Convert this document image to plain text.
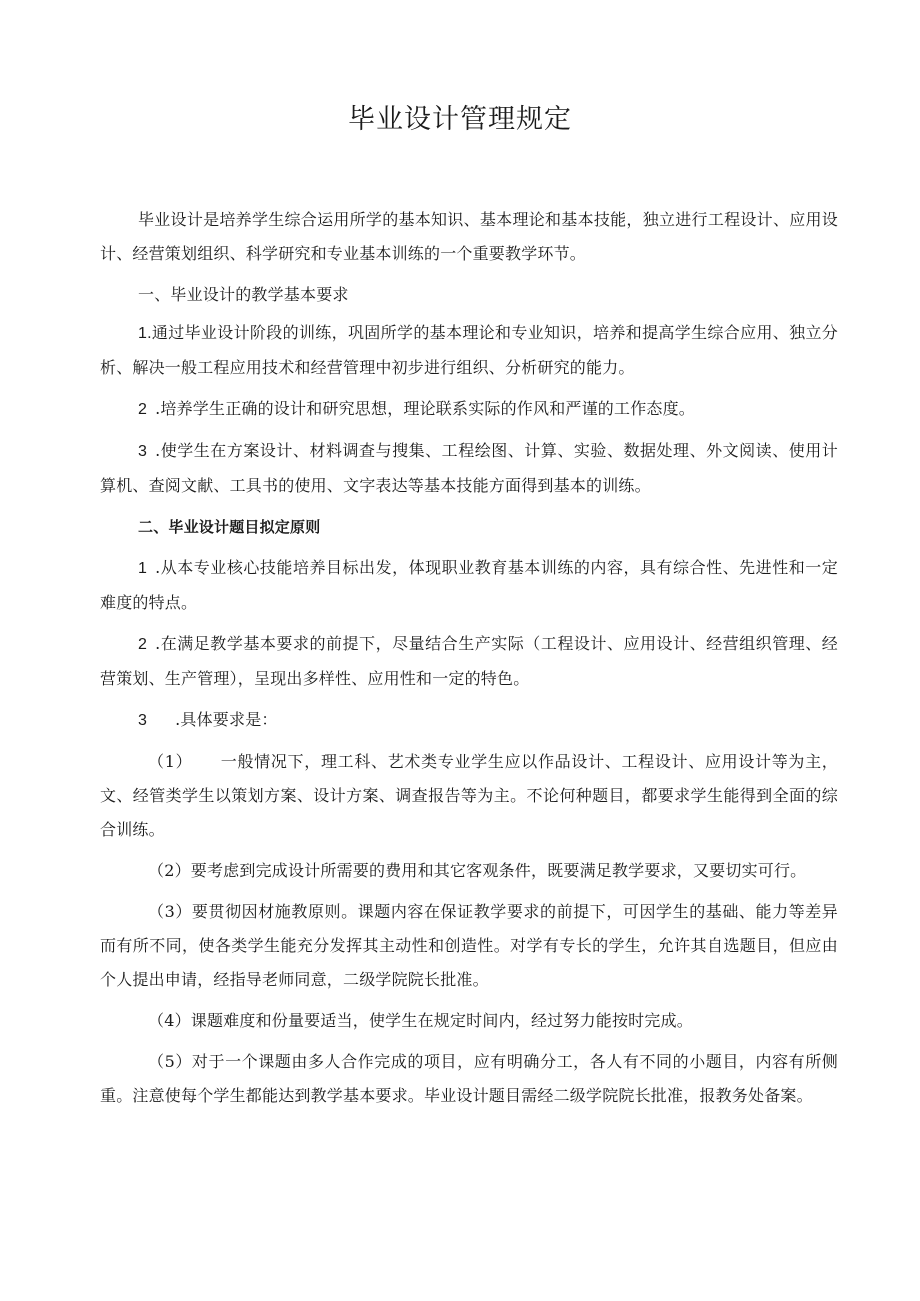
毕业设计管理规定

毕业设计是培养学生综合运用所学的基本知识、基本理论和基本技能，独立进行工程设计、应用设计、经营策划组织、科学研究和专业基本训练的一个重要教学环节。

一、毕业设计的教学基本要求

1.通过毕业设计阶段的训练，巩固所学的基本理论和专业知识，培养和提高学生综合应用、独立分析、解决一般工程应用技术和经营管理中初步进行组织、分析研究的能力。

2 .培养学生正确的设计和研究思想，理论联系实际的作风和严谨的工作态度。

3 .使学生在方案设计、材料调查与搜集、工程绘图、计算、实验、数据处理、外文阅读、使用计算机、查阅文献、工具书的使用、文字表达等基本技能方面得到基本的训练。

二、毕业设计题目拟定原则

1 .从本专业核心技能培养目标出发，体现职业教育基本训练的内容，具有综合性、先进性和一定难度的特点。

2 .在满足教学基本要求的前提下，尽量结合生产实际（工程设计、应用设计、经营组织管理、经营策划、生产管理），呈现出多样性、应用性和一定的特色。

3 .具体要求是：

（1） 一般情况下，理工科、艺术类专业学生应以作品设计、工程设计、应用设计等为主，文、经管类学生以策划方案、设计方案、调查报告等为主。不论何种题目，都要求学生能得到全面的综合训练。

（2）要考虑到完成设计所需要的费用和其它客观条件，既要满足教学要求，又要切实可行。

（3）要贯彻因材施教原则。课题内容在保证教学要求的前提下，可因学生的基础、能力等差异而有所不同，使各类学生能充分发挥其主动性和创造性。对学有专长的学生，允许其自选题目，但应由个人提出申请，经指导老师同意，二级学院院长批准。

（4）课题难度和份量要适当，使学生在规定时间内，经过努力能按时完成。

（5）对于一个课题由多人合作完成的项目，应有明确分工，各人有不同的小题目，内容有所侧重。注意使每个学生都能达到教学基本要求。毕业设计题目需经二级学院院长批准，报教务处备案。
